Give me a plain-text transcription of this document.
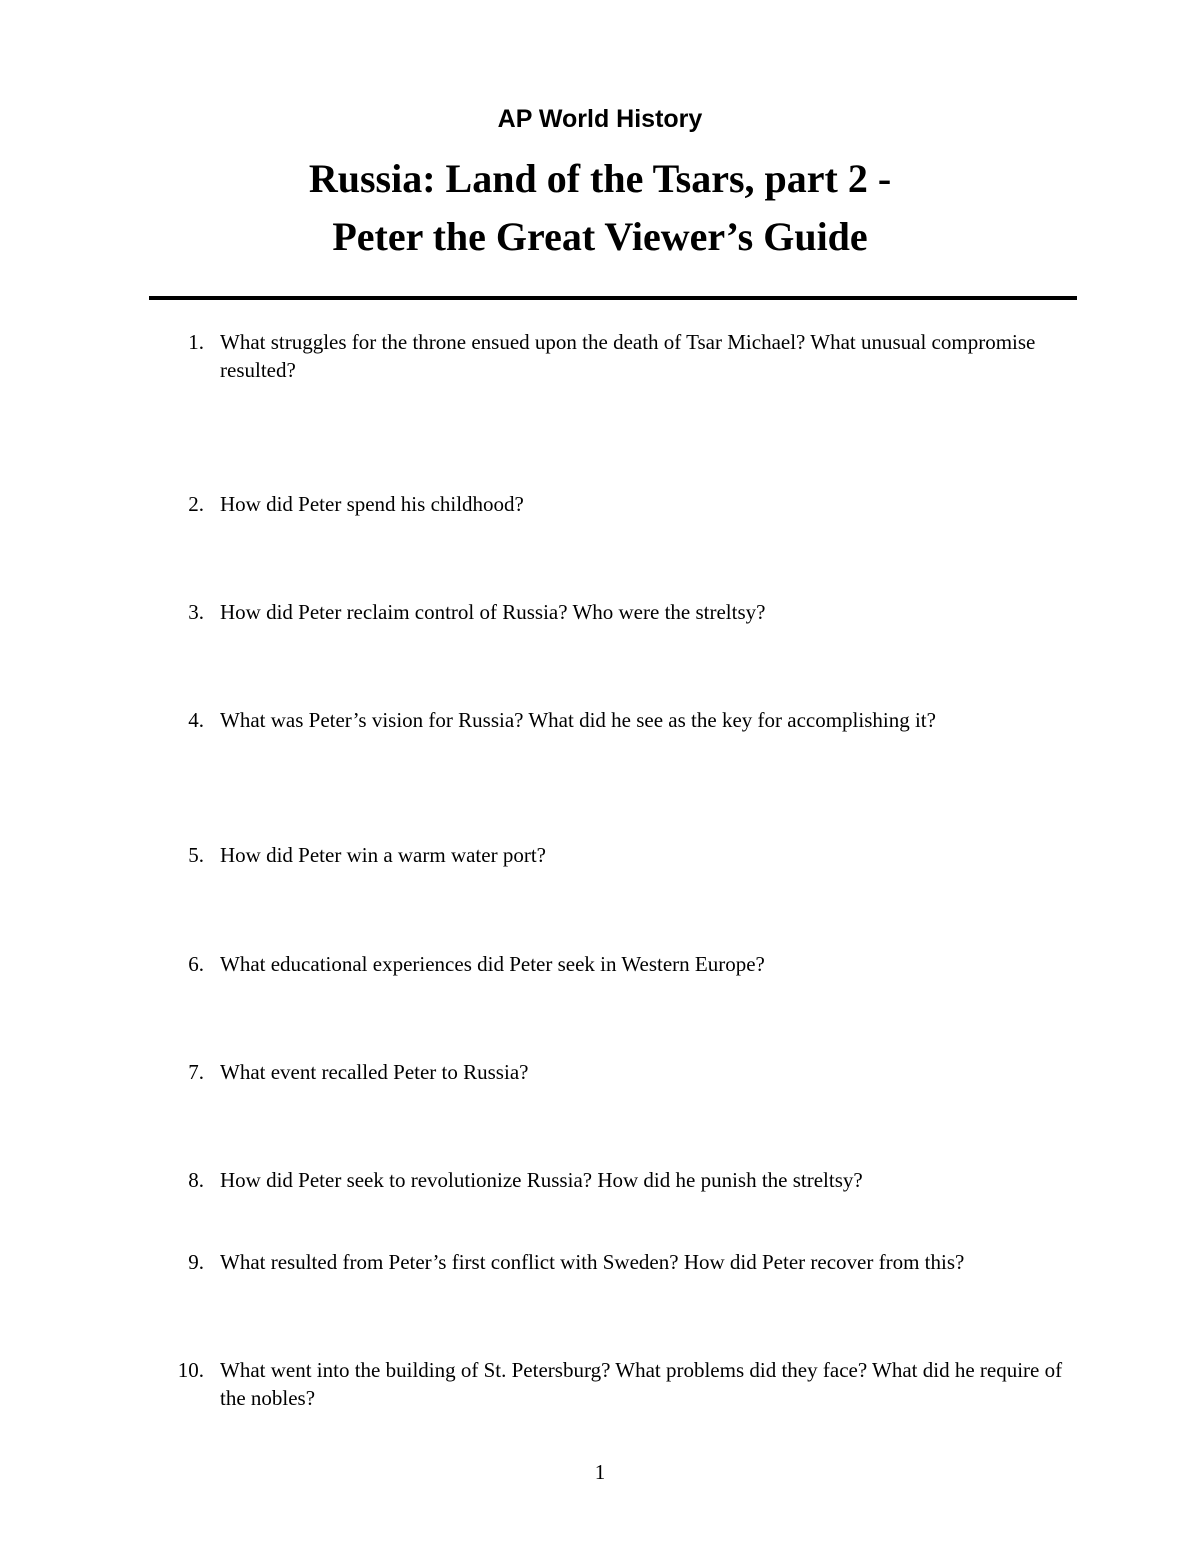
AP World History
Russia: Land of the Tsars, part 2 -
Peter the Great Viewer’s Guide
1. What struggles for the throne ensued upon the death of Tsar Michael? What unusual compromise resulted?
2. How did Peter spend his childhood?
3. How did Peter reclaim control of Russia? Who were the streltsy?
4. What was Peter’s vision for Russia? What did he see as the key for accomplishing it?
5. How did Peter win a warm water port?
6. What educational experiences did Peter seek in Western Europe?
7. What event recalled Peter to Russia?
8. How did Peter seek to revolutionize Russia? How did he punish the streltsy?
9. What resulted from Peter’s first conflict with Sweden? How did Peter recover from this?
10. What went into the building of St. Petersburg? What problems did they face? What did he require of the nobles?
1
